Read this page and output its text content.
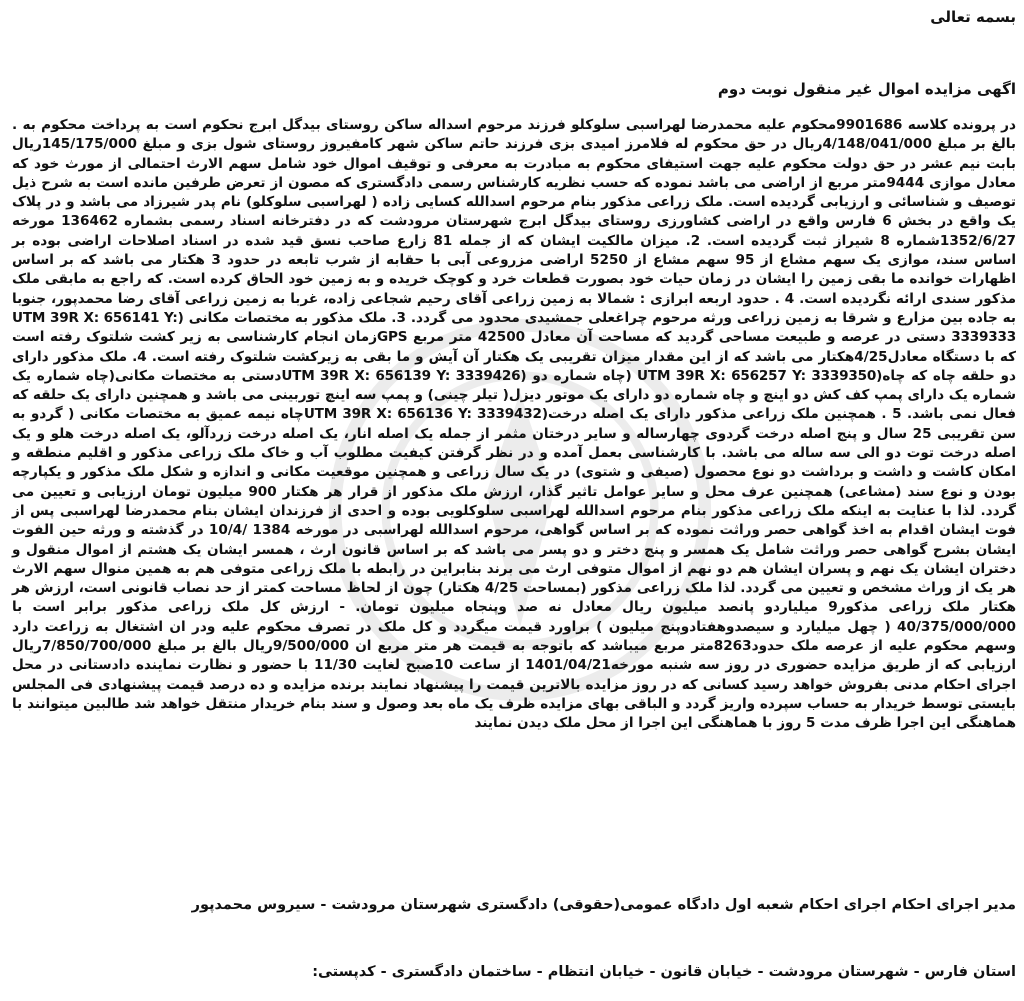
بسمه تعالی

اگهی مزایده اموال غیر منقول نوبت دوم

در پرونده کلاسه 9901686محکوم علیه محمدرضا لهراسبی سلوکلو فرزند مرحوم اسداله ساکن روستای بیدگل ابرج نحکوم است به پرداخت محکوم به . بالغ بر مبلغ 4/148/041/000ریال در حق محکوم له فلامرز امیدی بزی فرزند حاتم ساکن شهر کامفیروز روستای شول بزی و مبلغ 145/175/000ریال بابت نیم عشر در حق دولت محکوم علیه جهت استیفای محکوم به مبادرت به معرفی و توقیف اموال خود شامل سهم الارث احتمالی از مورث خود که معادل موازی 9444متر مربع از اراضی می باشد نموده که حسب نظریه کارشناس رسمی دادگستری که مصون از تعرض طرفین مانده است به شرح ذیل توصیف و شناسائی و ارزیابی گردیده است. ملک زراعی مذکور بنام مرحوم اسدالله کسایی زاده ( لهراسبی سلوکلو) نام پدر شیرزاد می باشد و در پلاک یک واقع در بخش 6 فارس واقع در اراضی کشاورزی روستای بیدگل ابرج شهرستان مرودشت که در دفترخانه اسناد رسمی بشماره 136462 مورخه 1352/6/27شماره 8 شیراز ثبت گردیده است. 2. میزان مالکیت ایشان که از جمله 81 زارع صاحب نسق قید شده در اسناد اصلاحات اراضی بوده بر اساس سند، موازی یک سهم مشاع از 95 سهم مشاع از 5250 اراضی مزروعی آبی با حقابه از شرب تابعه در حدود 3 هکتار می باشد که بر اساس اظهارات خوانده ما بقی زمین را ایشان در زمان حیات خود بصورت قطعات خرد و کوچک خریده و به زمین خود الحاق کرده است. که راجع به مابقی ملک مذکور سندی ارائه نگردیده است. 4 . حدود اربعه ابرازی : شمالا به زمین زراعی آقای رحیم شجاعی زاده، غربا به زمین زراعی آقای رضا محمدپور، جنوبا به جاده بین مزارع و شرقا به زمین زراعی ورثه مرحوم چراغعلی جمشیدی محدود می گردد. 3. ملک مذکور به مختصات مکانی (UTM 39R X: 656141 Y: 3339333 دستی در عرصه و طبیعت مساحی گردید که مساحت آن معادل 42500 متر مربع GPSزمان انجام کارشناسی به زیر کشت شلتوک رفته است که با دستگاه معادل4/25هکتار می باشد که از این مقدار میزان تقریبی یک هکتار آن آیش و ما بقی به زیرکشت شلتوک رفته است. 4. ملک مذکور دارای دو حلقه چاه که چاه(UTM 39R X: 656257 Y: 3339350 (چاه شماره دو (UTM 39R X: 656139 Y: 3339426دستی به مختصات مکانی(چاه شماره یک شماره یک دارای پمپ کف کش دو اینچ و چاه شماره دو دارای یک موتور دیزل( تیلر چینی) و پمپ سه اینچ توربینی می باشد و همچنین دارای یک حلقه که فعال نمی باشد. 5 . همچنین ملک زراعی مذکور دارای یک اصله درخت(UTM 39R X: 656136 Y: 3339432چاه نیمه عمیق به مختصات مکانی ( گردو به سن تقریبی 25 سال و پنج اصله درخت گردوی چهارساله و سایر درختان مثمر از جمله یک اصله انار، یک اصله درخت زردآلو، یک اصله درخت هلو و یک اصله درخت توت دو الی سه ساله می باشد. با کارشناسی بعمل آمده و در نظر گرفتن کیفیت مطلوب آب و خاک ملک زراعی مذکور و اقلیم منطقه و امکان کاشت و داشت و برداشت دو نوع محصول (صیفی و شتوی) در یک سال زراعی و همچنین موقعیت مکانی و اندازه و شکل ملک مذکور و یکپارچه بودن و نوع سند (مشاعی) همچنین عرف محل و سایر عوامل تاثیر گذار، ارزش ملک مذکور از قرار هر هکتار 900 میلیون تومان ارزیابی و تعیین می گردد. لذا با عنایت به اینکه ملک زراعی مذکور بنام مرحوم اسدالله لهراسبی سلوکلویی بوده و احدی از فرزندان ایشان بنام محمدرضا لهراسبی پس از فوت ایشان اقدام به اخذ گواهی حصر وراثت نموده که بر اساس گواهی، مرحوم اسدالله لهراسبی در مورخه 1384 /10/4 در گذشته و ورثه حین الفوت ایشان بشرح گواهی حصر وراثت شامل یک همسر و پنج دختر و دو پسر می باشد که بر اساس قانون ارث ، همسر ایشان یک هشتم از اموال منقول و دختران ایشان یک نهم و پسران ایشان هم دو نهم از اموال متوفی ارث می برند بنابراین در رابطه با ملک زراعی متوفی هم به همین منوال سهم الارث هر یک از وراث مشخص و تعیین می گردد. لذا ملک زراعی مذکور (بمساحت 4/25 هکتار) چون از لحاظ مساحت کمتر از حد نصاب قانونی است، ارزش هر هکتار ملک زراعی مذکور9 میلیاردو پانصد میلیون ریال معادل نه صد وپنجاه میلیون تومان. - ارزش کل ملک زراعی مذکور برابر است با 40/375/000/000 ( چهل میلیارد و سیصدوهفتادوپنج میلیون ) براورد قیمت میگردد و کل ملک در تصرف محکوم علیه ودر ان اشتغال به زراعت دارد وسهم محکوم علیه از عرصه ملک حدود8263متر مربع میباشد که باتوجه به قیمت هر متر مربع ان 9/500/000ریال بالغ بر مبلغ 7/850/700/000ریال ارزیابی که از طریق مزایده حضوری در روز سه شنبه مورخه1401/04/21 از ساعت 10صبح لغایت 11/30 با حضور و نظارت نماینده دادستانی در محل اجرای احکام مدنی بفروش خواهد رسید کسانی که در روز مزایده بالاترین قیمت را پیشنهاد نمایند برنده مزایده و ده درصد قیمت پیشنهادی فی المجلس بایستی توسط خریدار به حساب سپرده واریز گردد و الباقی بهای مزایده ظرف یک ماه بعد وصول و سند بنام خریدار منتقل خواهد شد طالبین میتوانند با هماهنگی این اجرا ظرف مدت 5 روز با هماهنگی این اجرا از محل ملک دیدن نمایند

مدیر اجرای احکام اجرای احکام شعبه اول دادگاه عمومی(حقوقی) دادگستری شهرستان مرودشت - سیروس محمدپور

استان فارس - شهرستان مرودشت - خیابان قانون - خیابان انتظام - ساختمان دادگستری - کدپستی:
